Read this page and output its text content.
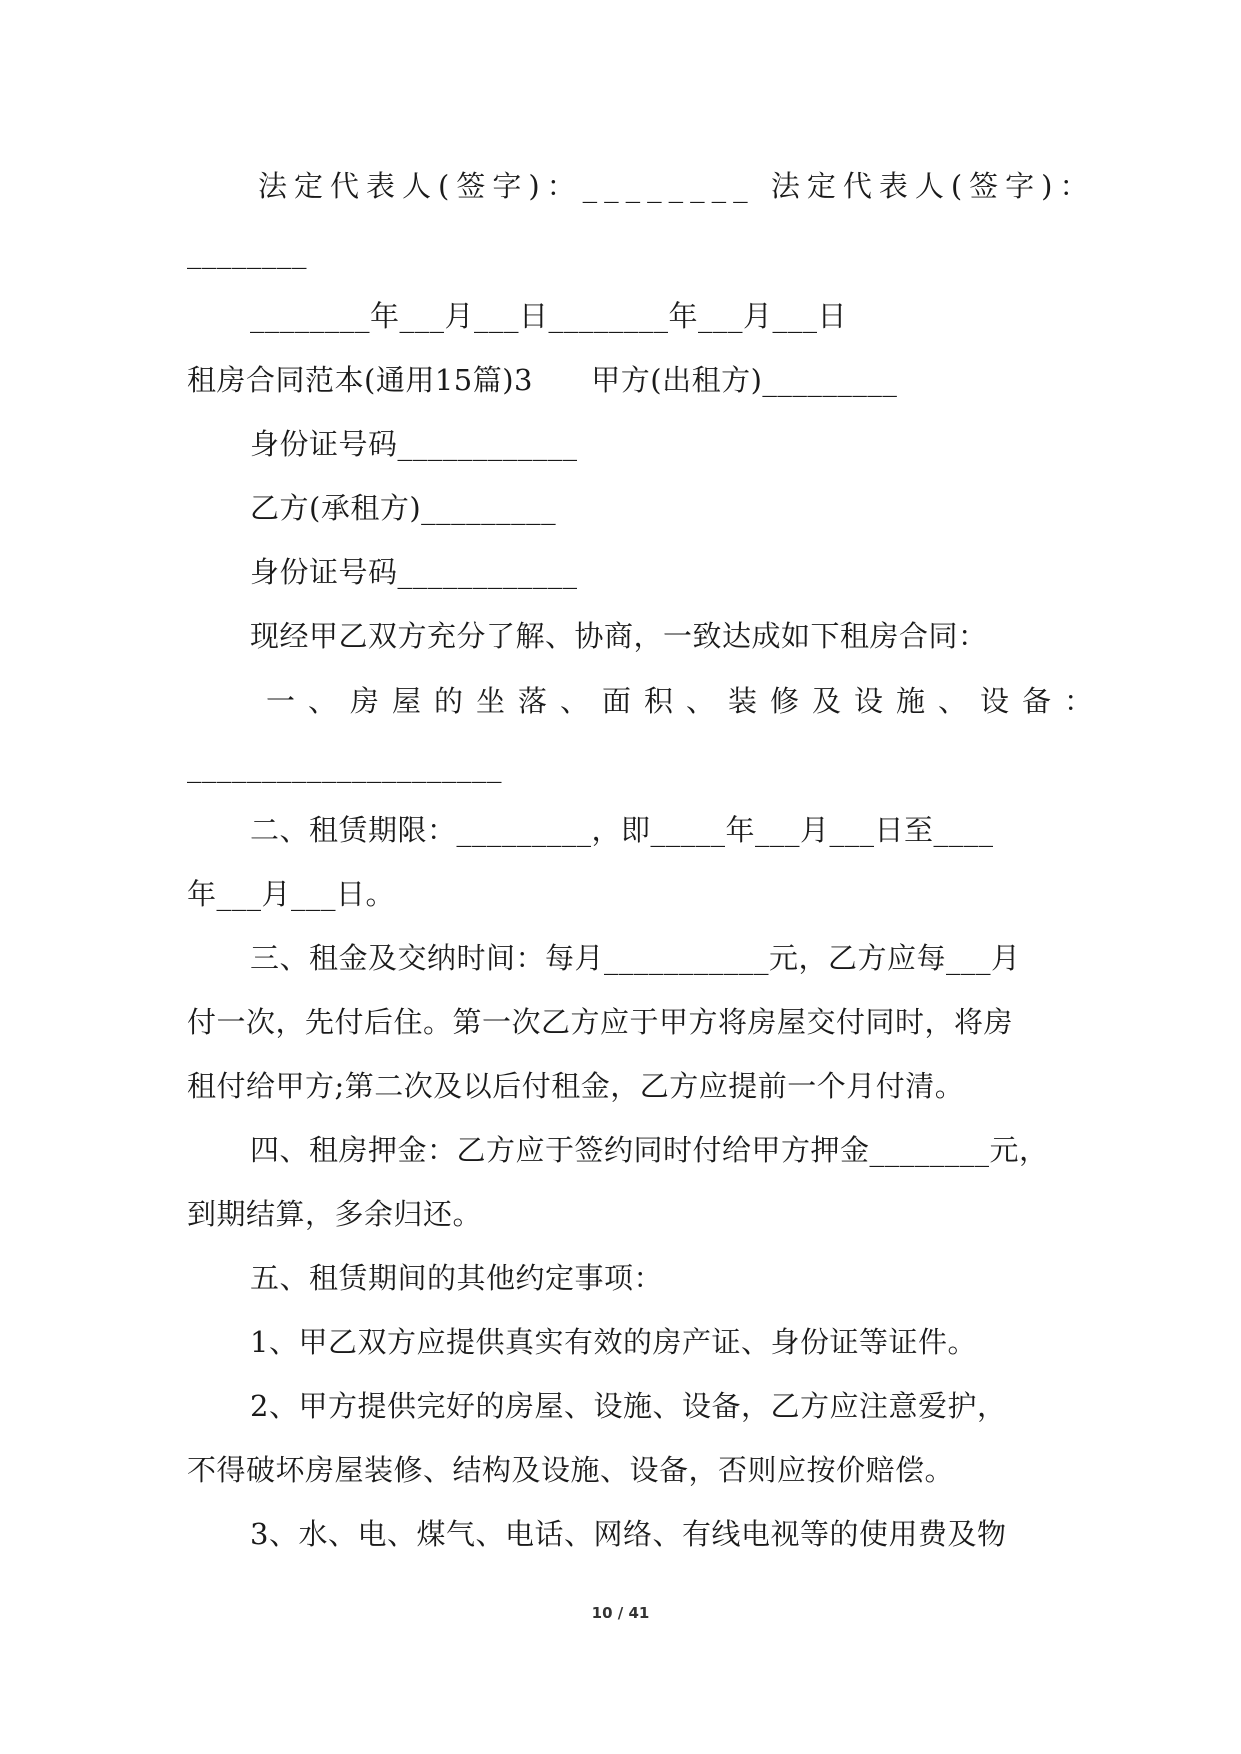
法定代表人(签字)：________ 法定代表人(签字)：
________
________年___月___日________年___月___日
租房合同范本(通用15篇)3      甲方(出租方)_________
身份证号码____________
乙方(承租方)_________
身份证号码____________
现经甲乙双方充分了解、协商，一致达成如下租房合同：
一、房屋的坐落、面积、装修及设施、设备：
_____________________
二、租赁期限：_________，即_____年___月___日至____
年___月___日。
三、租金及交纳时间：每月___________元，乙方应每___月
付一次，先付后住。第一次乙方应于甲方将房屋交付同时，将房
租付给甲方;第二次及以后付租金，乙方应提前一个月付清。
四、租房押金：乙方应于签约同时付给甲方押金________元，
到期结算，多余归还。
五、租赁期间的其他约定事项：
1、甲乙双方应提供真实有效的房产证、身份证等证件。
2、甲方提供完好的房屋、设施、设备，乙方应注意爱护，
不得破坏房屋装修、结构及设施、设备，否则应按价赔偿。
3、水、电、煤气、电话、网络、有线电视等的使用费及物
10 / 41
